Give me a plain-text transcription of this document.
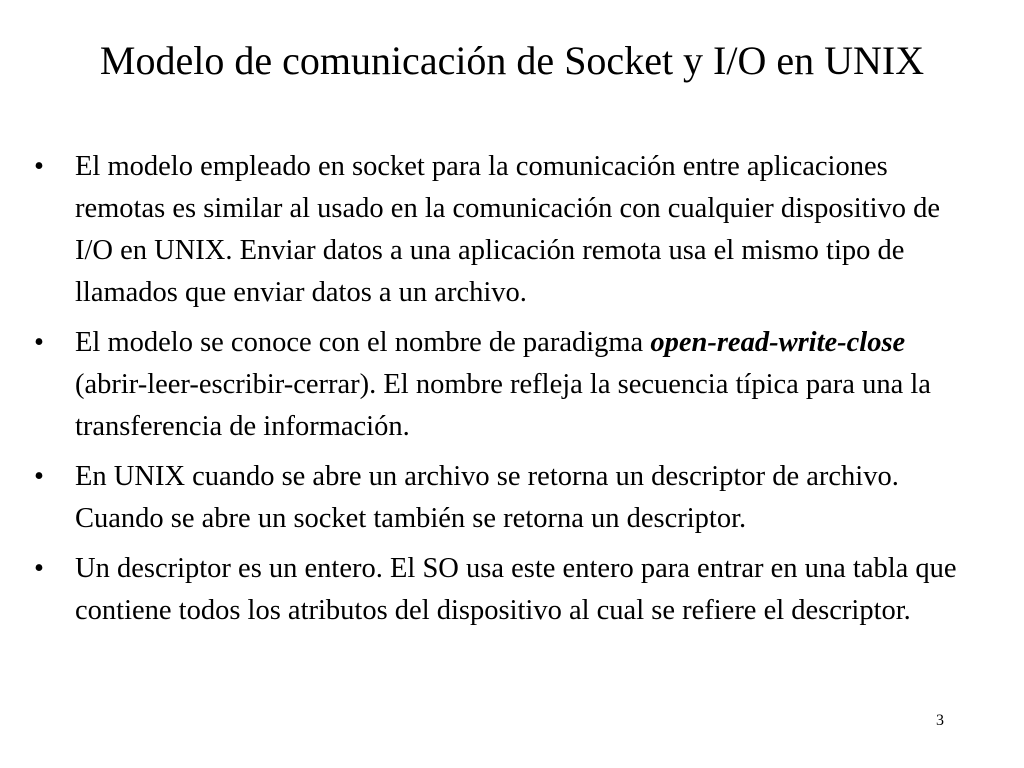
Modelo de comunicación de Socket y I/O en UNIX
• El modelo empleado en socket para la comunicación entre aplicaciones remotas es similar al usado en la comunicación con cualquier dispositivo de I/O en UNIX. Enviar datos a una aplicación remota usa el mismo tipo de llamados que enviar datos a un archivo.
• El modelo se conoce con el nombre de paradigma open-read-write-close (abrir-leer-escribir-cerrar). El nombre refleja la secuencia típica para una la transferencia de información.
• En UNIX cuando se abre un archivo se retorna un descriptor de archivo. Cuando se abre un socket también se retorna un descriptor.
• Un descriptor es un entero. El SO usa este entero para entrar en una tabla que contiene todos los atributos del dispositivo al cual se refiere el descriptor.
3
